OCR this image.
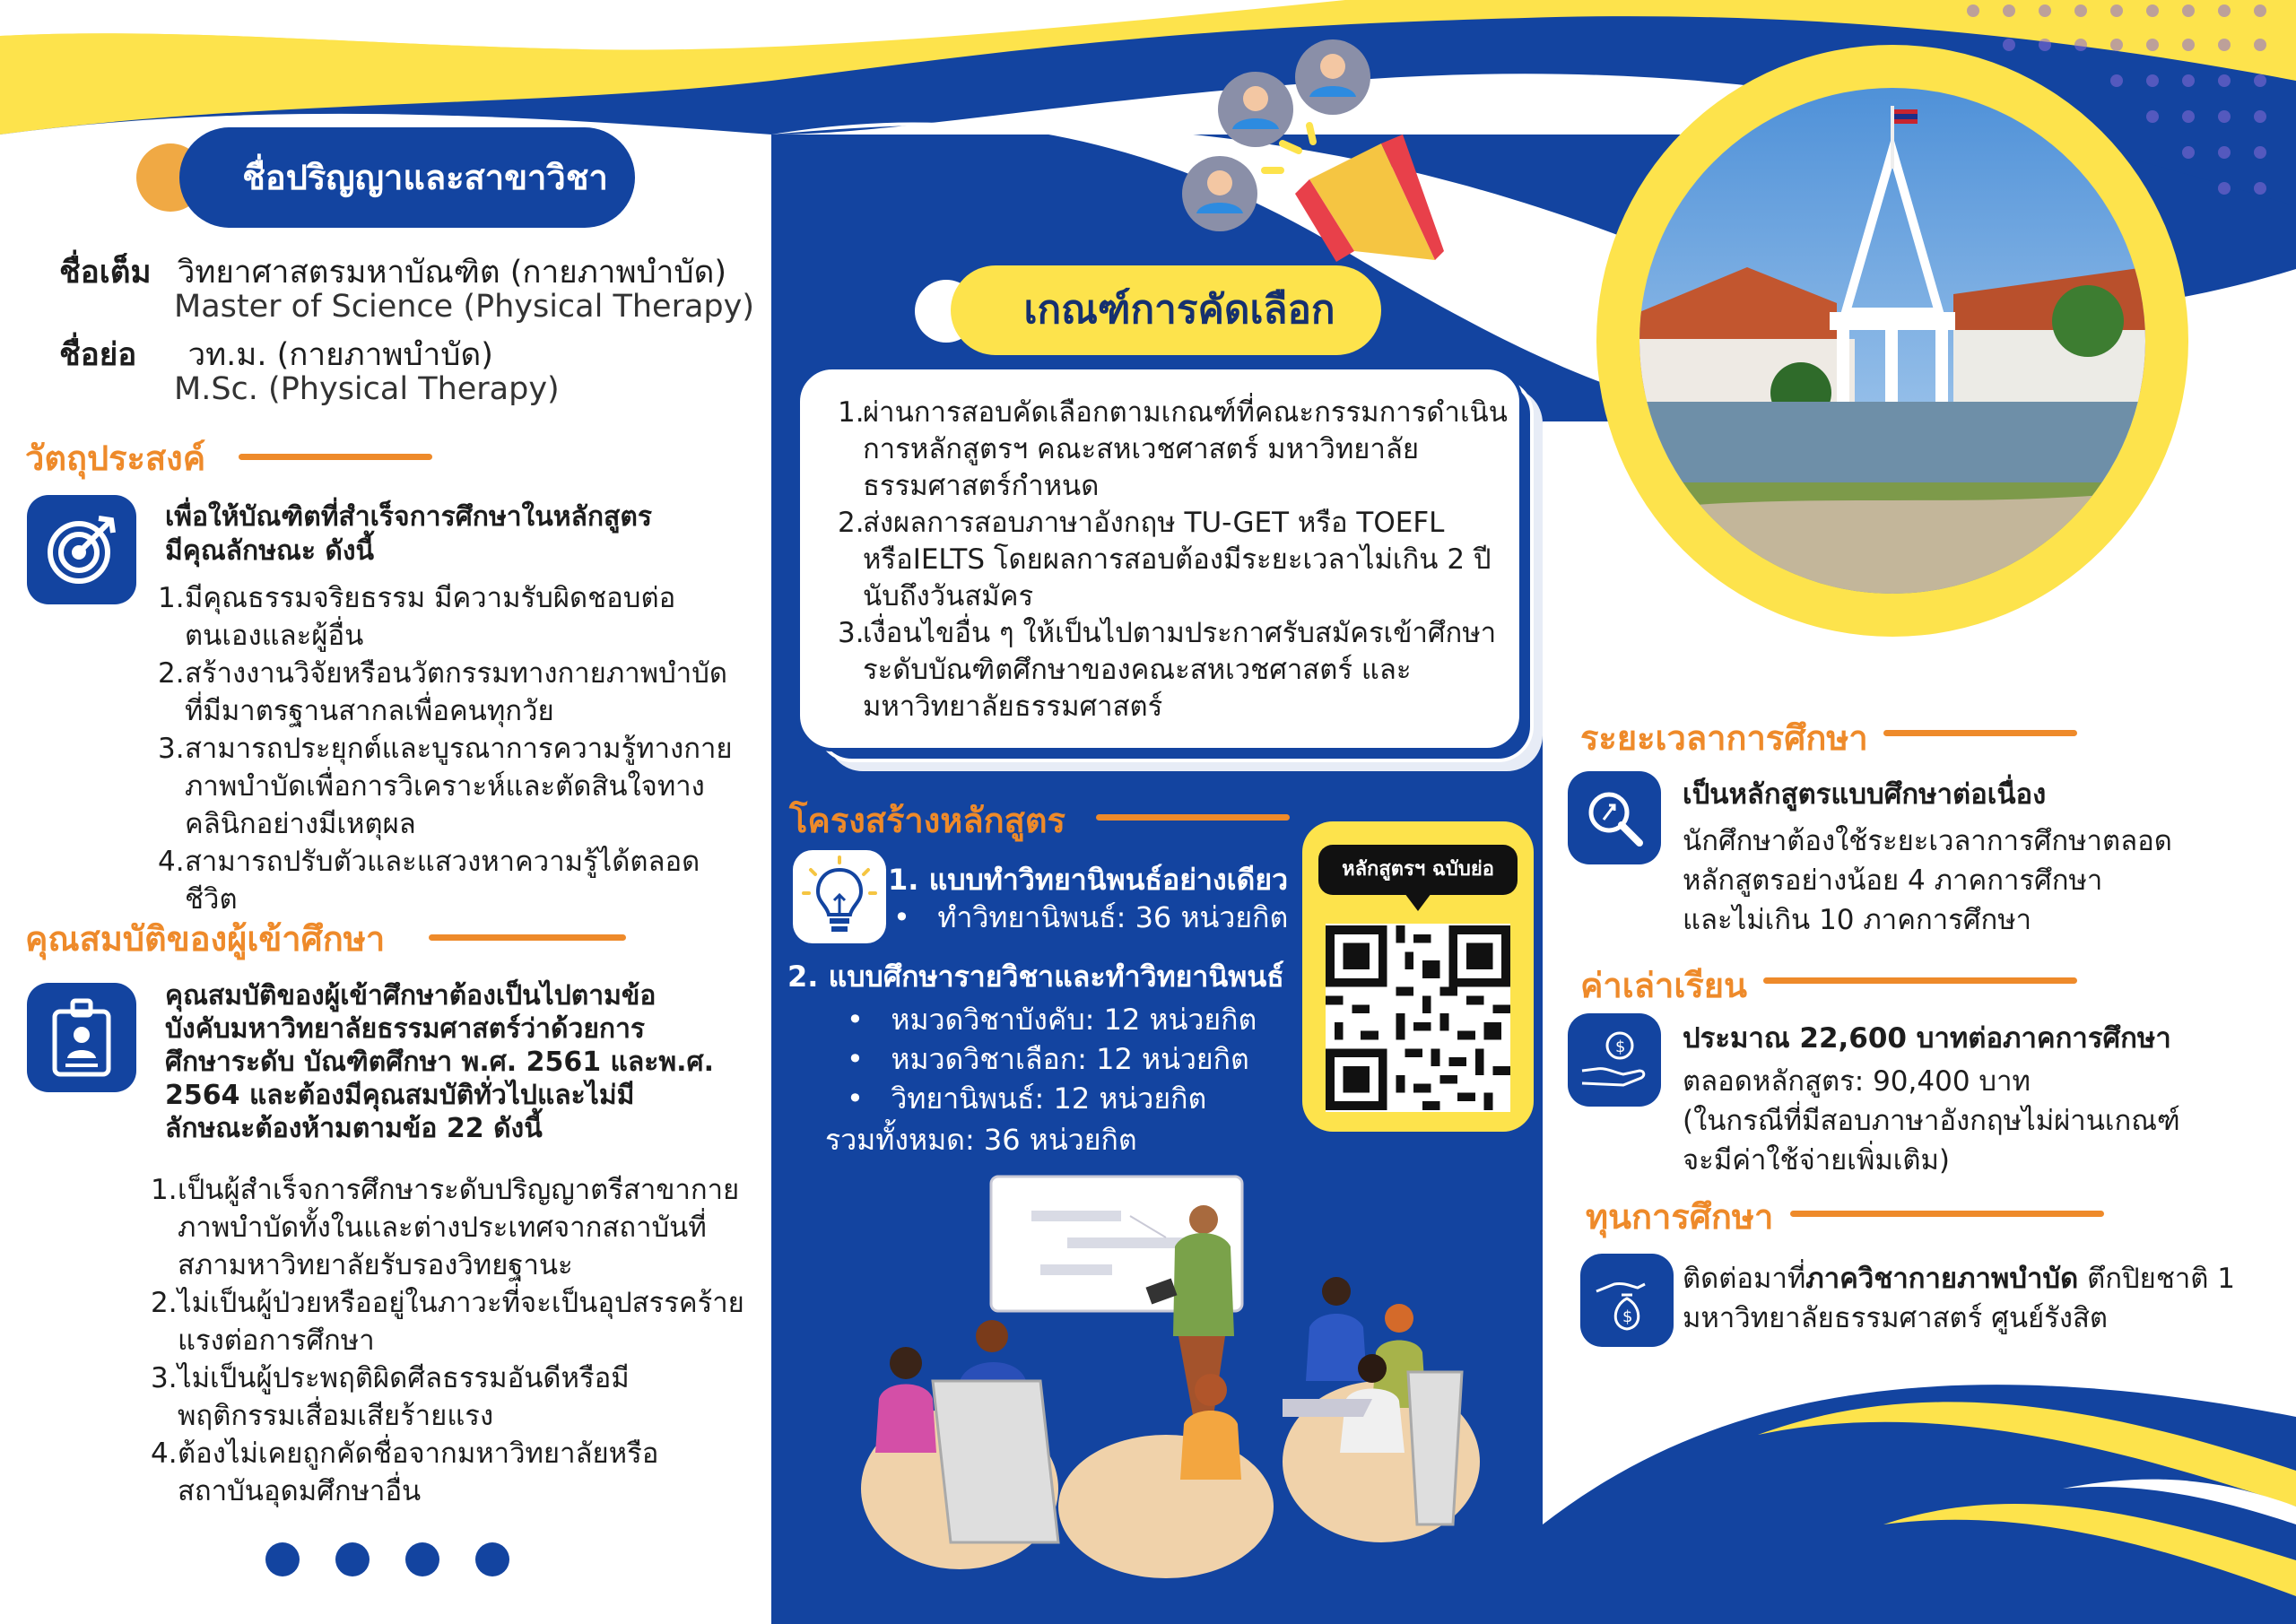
ชื่อปริญญาและสาขาวิชา
ชื่อเต็ม วิทยาศาสตรมหาบัณฑิต (กายภาพบำบัด)
Master of Science (Physical Therapy)
ชื่อย่อ วท.ม. (กายภาพบำบัด)
M.Sc. (Physical Therapy)
วัตถุประสงค์
เพื่อให้บัณฑิตที่สำเร็จการศึกษาในหลักสูตร
มีคุณลักษณะ ดังนี้
1.มีคุณธรรมจริยธรรม มีความรับผิดชอบต่อ
ตนเองและผู้อื่น
2.สร้างงานวิจัยหรือนวัตกรรมทางกายภาพบำบัด
ที่มีมาตรฐานสากลเพื่อคนทุกวัย
3.สามารถประยุกต์และบูรณาการความรู้ทางกาย
ภาพบำบัดเพื่อการวิเคราะห์และตัดสินใจทาง
คลินิกอย่างมีเหตุผล
4.สามารถปรับตัวและแสวงหาความรู้ได้ตลอดชีวิต
คุณสมบัติของผู้เข้าศึกษา
คุณสมบัติของผู้เข้าศึกษาต้องเป็นไปตามข้อ
บังคับมหาวิทยาลัยธรรมศาสตร์ว่าด้วยการ
ศึกษาระดับ บัณฑิตศึกษา พ.ศ. 2561 และพ.ศ.
2564 และต้องมีคุณสมบัติทั่วไปและไม่มี
ลักษณะต้องห้ามตามข้อ 22 ดังนี้
1.เป็นผู้สำเร็จการศึกษาระดับปริญญาตรีสาขากาย
ภาพบำบัดทั้งในและต่างประเทศจากสถาบันที่
สภามหาวิทยาลัยรับรองวิทยฐานะ
2.ไม่เป็นผู้ป่วยหรืออยู่ในภาวะที่จะเป็นอุปสรรคร้าย
แรงต่อการศึกษา
3.ไม่เป็นผู้ประพฤติผิดศีลธรรมอันดีหรือมี
พฤติกรรมเสื่อมเสียร้ายแรง
4.ต้องไม่เคยถูกคัดชื่อจากมหาวิทยาลัยหรือ
สถาบันอุดมศึกษาอื่น
เกณฑ์การคัดเลือก
1.ผ่านการสอบคัดเลือกตามเกณฑ์ที่คณะกรรมการดำเนิน
การหลักสูตรฯ คณะสหเวชศาสตร์ มหาวิทยาลัย
ธรรมศาสตร์กำหนด
2.ส่งผลการสอบภาษาอังกฤษ TU-GET หรือ TOEFL
หรือIELTS โดยผลการสอบต้องมีระยะเวลาไม่เกิน 2 ปี
นับถึงวันสมัคร
3.เงื่อนไขอื่น ๆ ให้เป็นไปตามประกาศรับสมัครเข้าศึกษา
ระดับบัณฑิตศึกษาของคณะสหเวชศาสตร์ และ
มหาวิทยาลัยธรรมศาสตร์
โครงสร้างหลักสูตร
1. แบบทำวิทยานิพนธ์อย่างเดียว
•   ทำวิทยานิพนธ์: 36 หน่วยกิต
2. แบบศึกษารายวิชาและทำวิทยานิพนธ์
•   หมวดวิชาบังคับ: 12 หน่วยกิต
•   หมวดวิชาเลือก: 12 หน่วยกิต
•   วิทยานิพนธ์: 12 หน่วยกิต
รวมทั้งหมด: 36 หน่วยกิต
หลักสูตรฯ ฉบับย่อ
ระยะเวลาการศึกษา
เป็นหลักสูตรแบบศึกษาต่อเนื่อง
นักศึกษาต้องใช้ระยะเวลาการศึกษาตลอด
หลักสูตรอย่างน้อย 4 ภาคการศึกษา
และไม่เกิน 10 ภาคการศึกษา
ค่าเล่าเรียน
$ ประมาณ 22,600 บาทต่อภาคการศึกษา
ตลอดหลักสูตร: 90,400 บาท
(ในกรณีที่มีสอบภาษาอังกฤษไม่ผ่านเกณฑ์
จะมีค่าใช้จ่ายเพิ่มเติม)
ทุนการศึกษา
$
ติดต่อมาที่ภาควิชากายภาพบำบัด ตึกปิยชาติ 1
มหาวิทยาลัยธรรมศาสตร์ ศูนย์รังสิต
